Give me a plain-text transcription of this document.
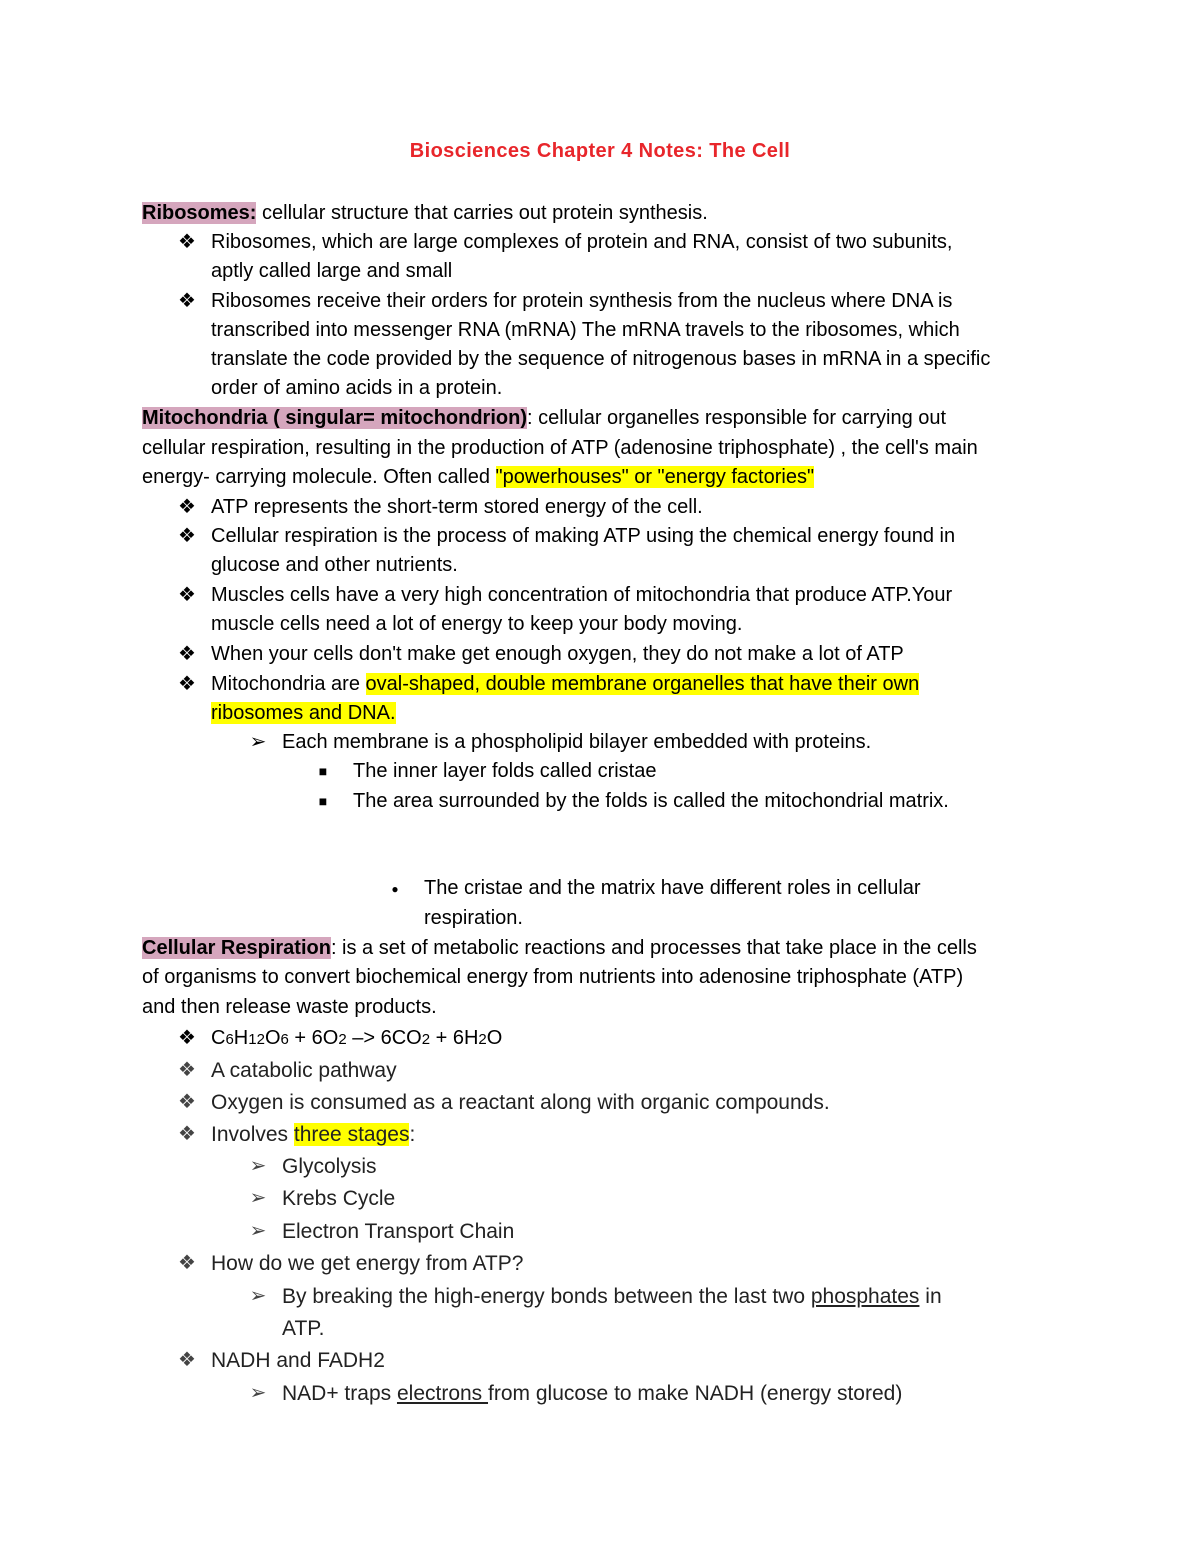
Biosciences Chapter 4 Notes: The Cell
Ribosomes: cellular structure that carries out protein synthesis.
❖ Ribosomes, which are large complexes of protein and RNA, consist of two subunits,
aptly called large and small
❖ Ribosomes receive their orders for protein synthesis from the nucleus where DNA is
transcribed into messenger RNA (mRNA) The mRNA travels to the ribosomes, which
translate the code provided by the sequence of nitrogenous bases in mRNA in a specific
order of amino acids in a protein.
Mitochondria ( singular= mitochondrion): cellular organelles responsible for carrying out
cellular respiration, resulting in the production of ATP (adenosine triphosphate) , the cell's main
energy- carrying molecule. Often called "powerhouses" or "energy factories"
❖ ATP represents the short-term stored energy of the cell.
❖ Cellular respiration is the process of making ATP using the chemical energy found in
glucose and other nutrients.
❖ Muscles cells have a very high concentration of mitochondria that produce ATP.Your
muscle cells need a lot of energy to keep your body moving.
❖ When your cells don't make get enough oxygen, they do not make a lot of ATP
❖ Mitochondria are oval-shaped, double membrane organelles that have their own
ribosomes and DNA.
➢ Each membrane is a phospholipid bilayer embedded with proteins.
■	The inner layer folds called cristae
■	The area surrounded by the folds is called the mitochondrial matrix.
●	The cristae and the matrix have different roles in cellular
respiration.
Cellular Respiration: is a set of metabolic reactions and processes that take place in the cells
of organisms to convert biochemical energy from nutrients into adenosine triphosphate (ATP)
and then release waste products.
❖ C6H12O6 + 6O2 –> 6CO2 + 6H2O
❖ A catabolic pathway
❖ Oxygen is consumed as a reactant along with organic compounds.
❖ Involves three stages:
➢ Glycolysis
➢ Krebs Cycle
➢ Electron Transport Chain
❖ How do we get energy from ATP?
➢ By breaking the high-energy bonds between the last two phosphates in
ATP.
❖ NADH and FADH2
➢ NAD+ traps electrons from glucose to make NADH (energy stored)
